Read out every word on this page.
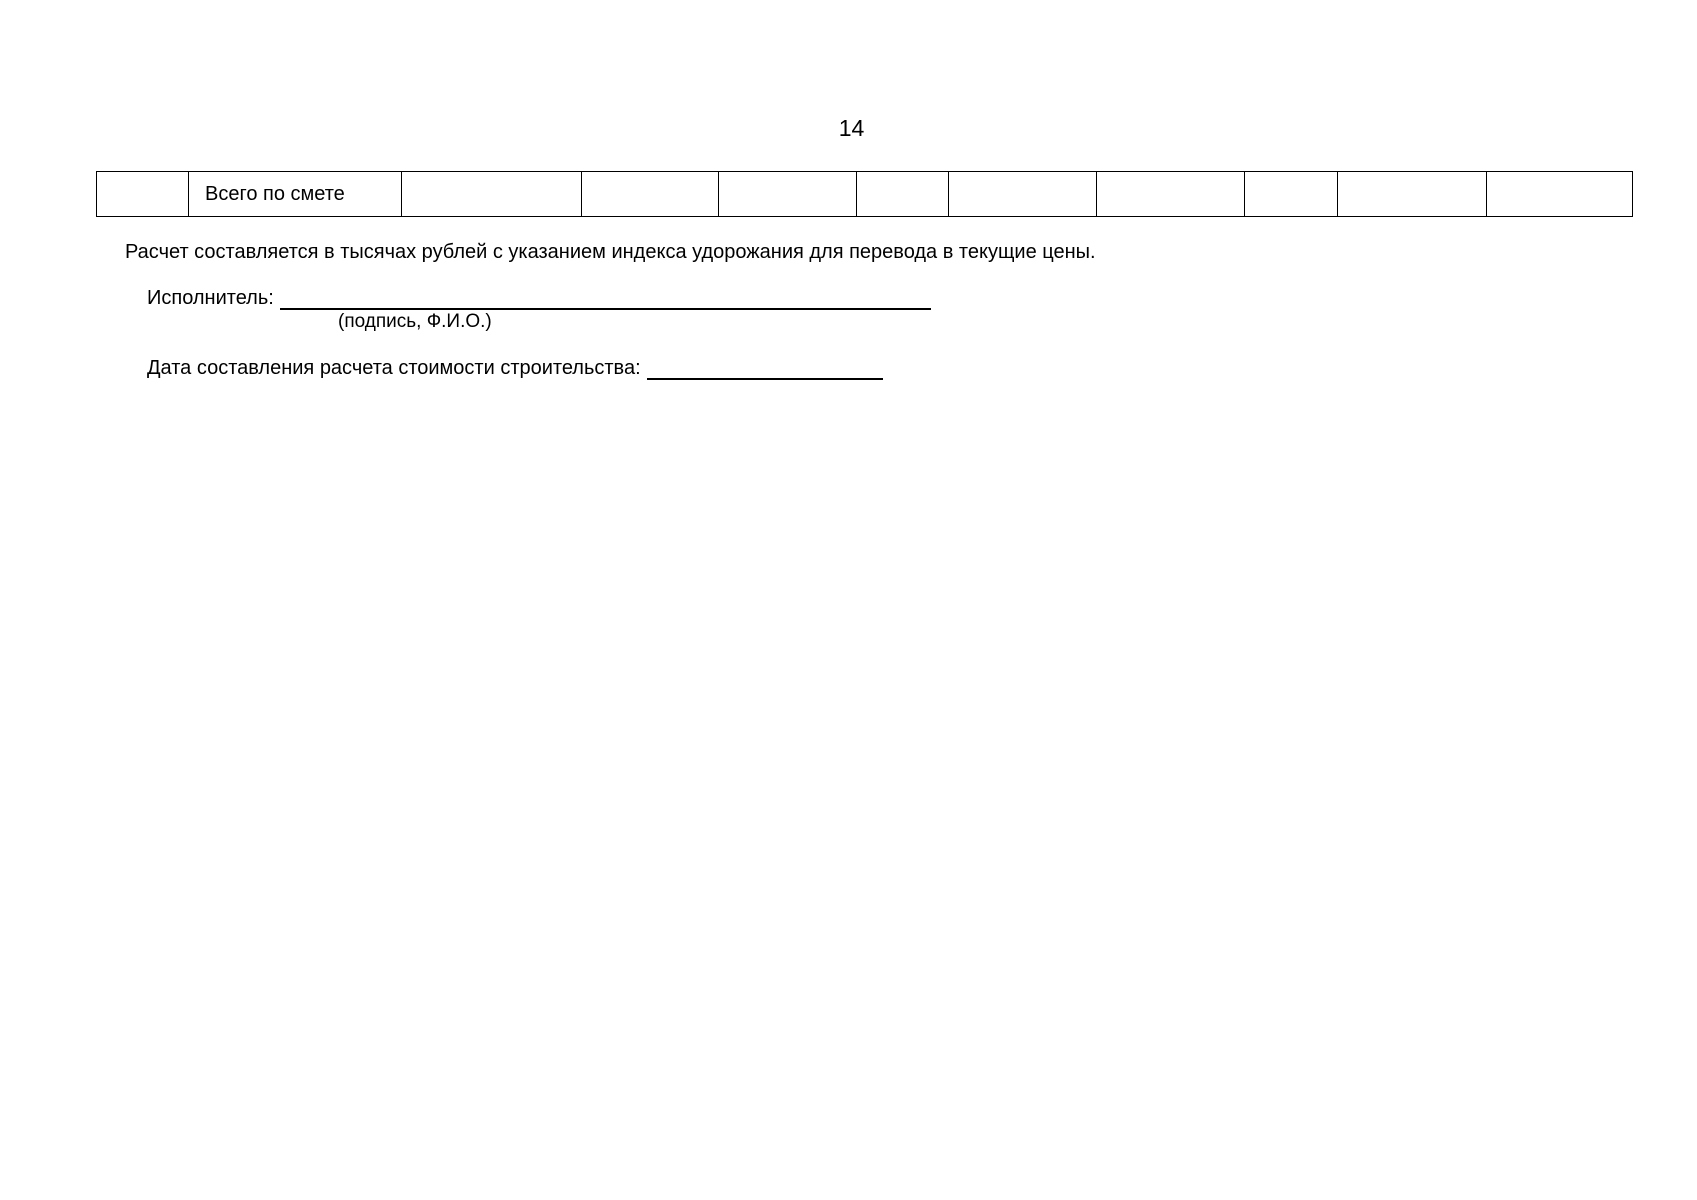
14
	Всего по смете									
Расчет составляется в тысячах рублей с указанием индекса удорожания для перевода в текущие цены.
Исполнитель:
(подпись, Ф.И.О.)
Дата составления расчета стоимости строительства:
